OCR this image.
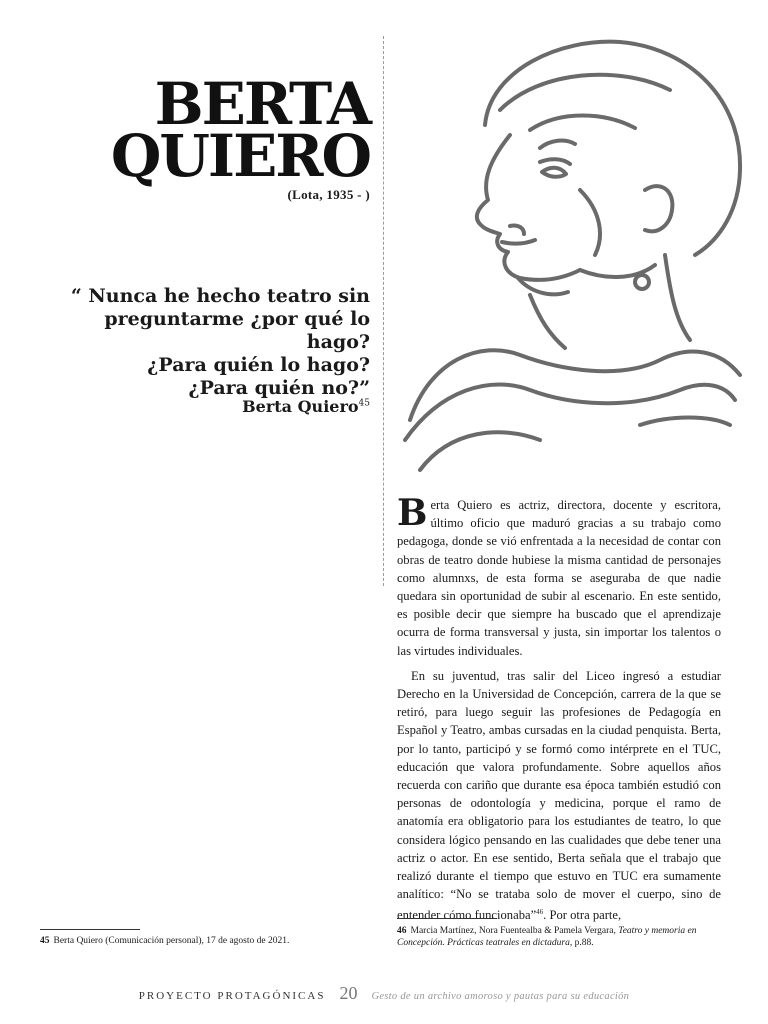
BERTA
QUIERO
(Lota, 1935 - )
“ Nunca he hecho teatro sin
preguntarme ¿por qué lo hago?
¿Para quién lo hago?
¿Para quién no?”
Berta Quiero$^{45}$

Berta Quiero es actriz, directora, docente y escritora, último oficio que maduró gracias a su trabajo como pedagoga, donde se vió enfrentada a la necesidad de contar con obras de teatro donde hubiese la misma cantidad de personajes como alumnxs, de esta forma se aseguraba de que nadie quedara sin oportunidad de subir al escenario. En este sentido, es posible decir que siempre ha buscado que el aprendizaje ocurra de forma transversal y justa, sin importar los talentos o las virtudes individuales.

En su juventud, tras salir del Liceo ingresó a estudiar Derecho en la Universidad de Concepción, carrera de la que se retiró, para luego seguir las profesiones de Pedagogía en Español y Teatro, ambas cursadas en la ciudad penquista. Berta, por lo tanto, participó y se formó como intérprete en el TUC, educación que valora profundamente. Sobre aquellos años recuerda con cariño que durante esa época también estudió con personas de odontología y medicina, porque el ramo de anatomía era obligatorio para los estudiantes de teatro, lo que considera lógico pensando en las cualidades que debe tener una actriz o actor. En ese sentido, Berta señala que el trabajo que realizó durante el tiempo que estuvo en TUC era sumamente analítico: “No se trataba solo de mover el cuerpo, sino de entender cómo funcionaba”$^{46}$. Por otra parte,

45 Berta Quiero (Comunicación personal), 17 de agosto de 2021.
46 Marcia Martínez, Nora Fuentealba & Pamela Vergara, Teatro y memoria en Concepción. Prácticas teatrales en dictadura, p.88.
PROYECTO PROTAGÓNICAS 20 Gesto de un archivo amoroso y pautas para su educación
